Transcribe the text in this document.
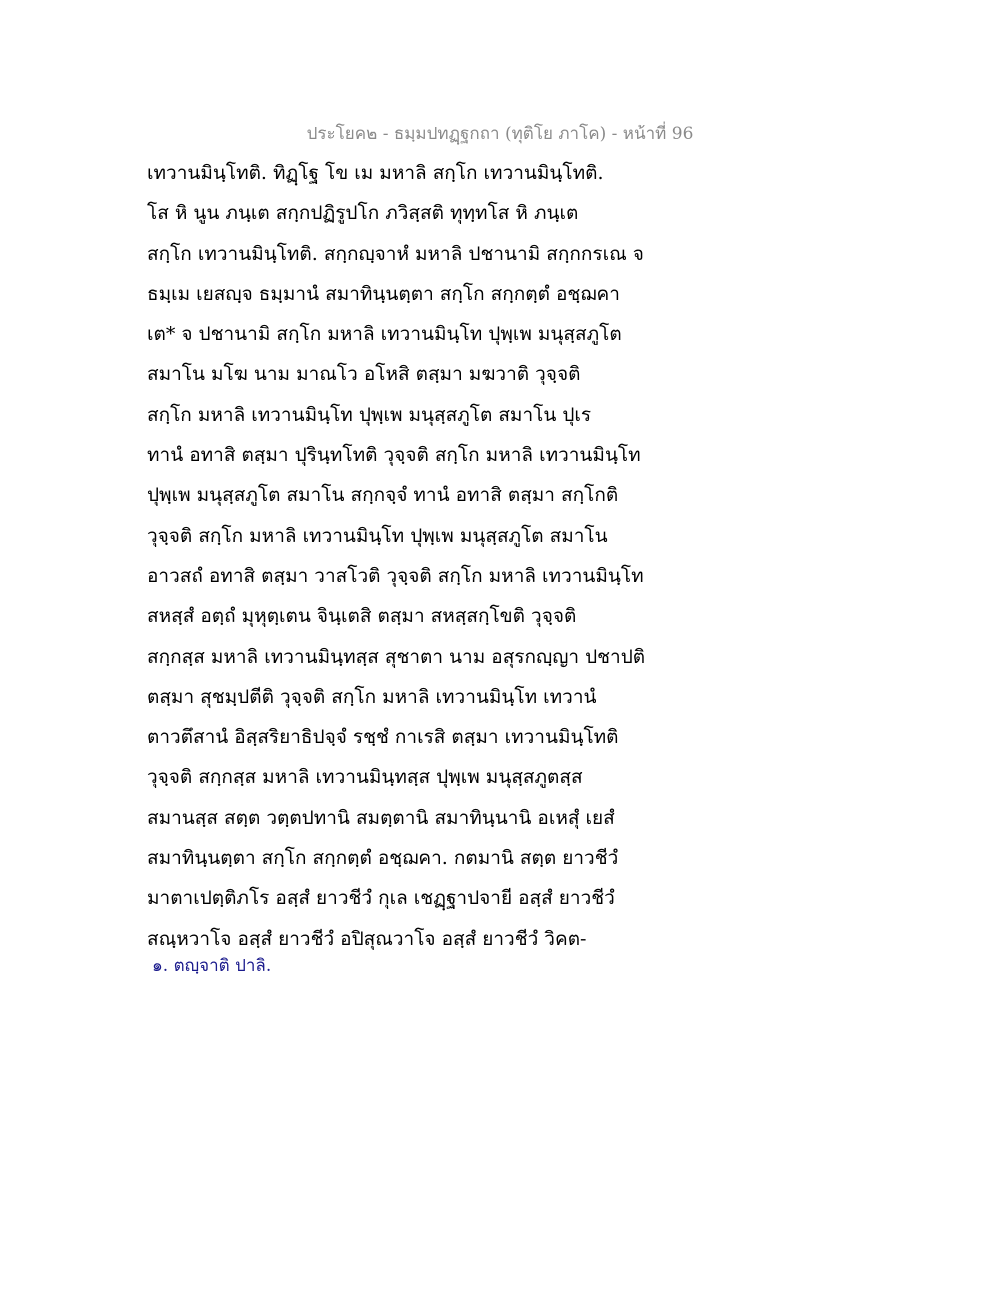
ประโยค๒ - ธมฺมปทฏฺฐกถา (ทุติโย ภาโค) - หน้าที่ 96
เทวานมินฺโทติ. ทิฏฺโฐ โข เม มหาลิ สกฺโก เทวานมินฺโทติ.
โส หิ นูน ภนฺเต สกฺกปฏิรูปโก ภวิสฺสติ ทุทฺทโส หิ ภนฺเต
สกฺโก เทวานมินฺโทติ. สกฺกญฺจาหํ มหาลิ ปชานามิ สกฺกกรเณ จ
ธมฺเม เยสญฺจ ธมฺมานํ สมาทินฺนตฺตา สกฺโก สกฺกตฺตํ อชฺฌคา
เต* จ ปชานามิ สกฺโก มหาลิ เทวานมินฺโท ปุพฺเพ มนุสฺสภูโต
สมาโน มโฆ นาม มาณโว อโหสิ ตสฺมา มฆวาติ วุจฺจติ
สกฺโก มหาลิ เทวานมินฺโท ปุพฺเพ มนุสฺสภูโต สมาโน ปุเร
ทานํ อทาสิ ตสฺมา ปุรินฺทโทติ วุจฺจติ สกฺโก มหาลิ เทวานมินฺโท
ปุพฺเพ มนุสฺสภูโต สมาโน สกฺกจฺจํ ทานํ อทาสิ ตสฺมา สกฺโกติ
วุจฺจติ สกฺโก มหาลิ เทวานมินฺโท ปุพฺเพ มนุสฺสภูโต สมาโน
อาวสถํ อทาสิ ตสฺมา วาสโวติ วุจฺจติ สกฺโก มหาลิ เทวานมินฺโท
สหสฺสํ อตฺถํ มุหุตฺเตน จินฺเตสิ ตสฺมา สหสฺสกฺโขติ วุจฺจติ
สกฺกสฺส มหาลิ เทวานมินฺทสฺส สุชาตา นาม อสุรกญฺญา ปชาปติ
ตสฺมา สุชมฺปตีติ วุจฺจติ สกฺโก มหาลิ เทวานมินฺโท เทวานํ
ตาวตึสานํ อิสฺสริยาธิปจฺจํ รชฺชํ กาเรสิ ตสฺมา เทวานมินฺโทติ
วุจฺจติ สกฺกสฺส มหาลิ เทวานมินฺทสฺส ปุพฺเพ มนุสฺสภูตสฺส
สมานสฺส สตฺต วตฺตปทานิ สมตฺตานิ สมาทินฺนานิ อเหสุํ เยสํ
สมาทินฺนตฺตา สกฺโก สกฺกตฺตํ อชฺฌคา. กตมานิ สตฺต ยาวชีวํ
มาตาเปตฺติภโร อสฺสํ ยาวชีวํ กุเล เชฏฺฐาปจายี อสฺสํ ยาวชีวํ
สณฺหวาโจ อสฺสํ ยาวชีวํ อปิสุณวาโจ อสฺสํ ยาวชีวํ วิคต-
๑. ตญฺจาติ ปาลิ.
